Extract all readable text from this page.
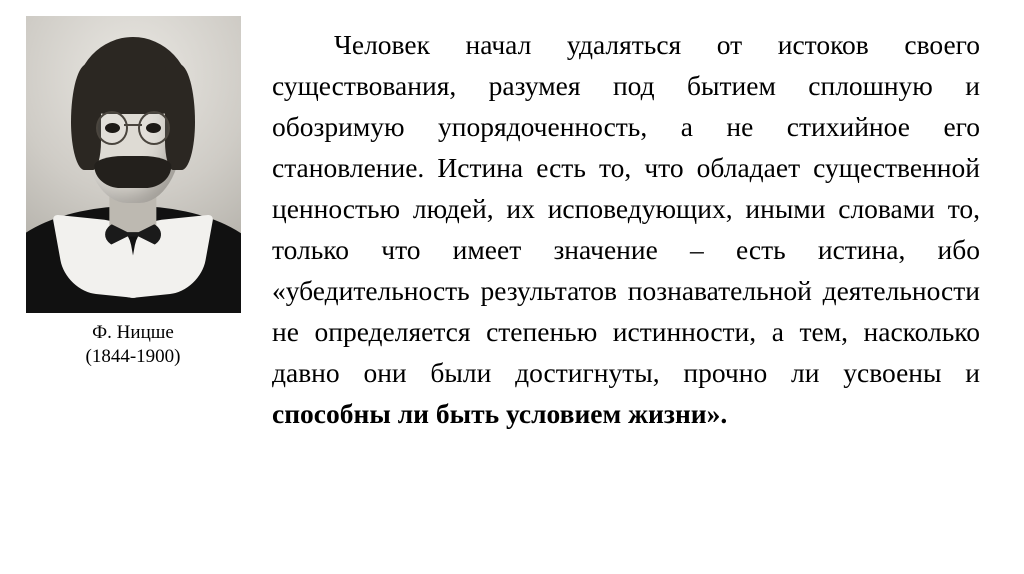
Ф. Ницше
(1844-1900)

Человек начал удаляться от истоков своего существования, разумея под бытием сплошную и обозримую упорядоченность, а не стихийное его становление. Истина есть то, что обладает существенной ценностью людей, их исповедующих, иными словами то, только что имеет значение – есть истина, ибо «убедительность результатов познавательной деятельности не определяется степенью истинности, а тем, насколько давно они были достигнуты, прочно ли усвоены и способны ли быть условием жизни».
